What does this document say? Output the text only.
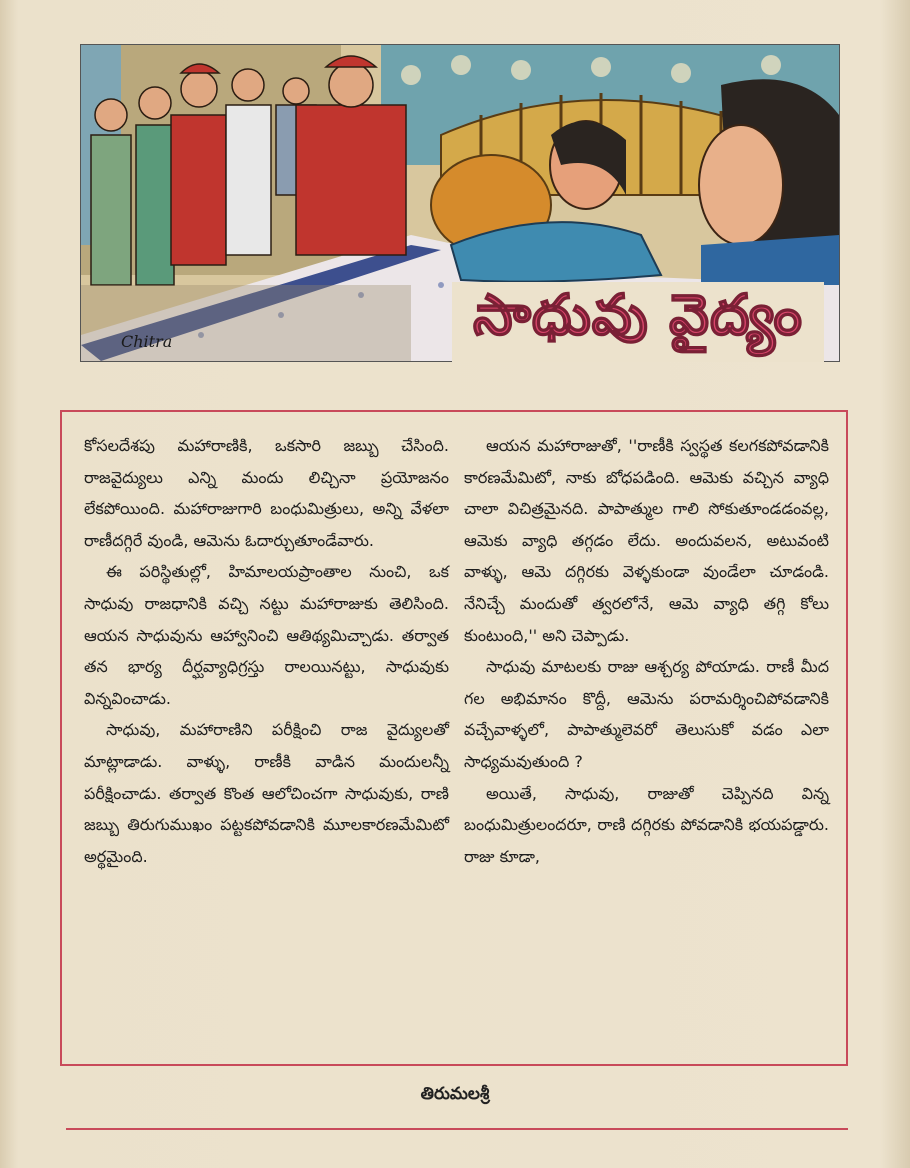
Chitra	సాధువు వైద్యం

కోసలదేశపు మహారాణికి, ఒకసారి జబ్బు చేసింది. రాజవైద్యులు ఎన్ని మందు లిచ్చినా ప్రయోజనం లేకపోయింది. మహారాజుగారి బంధుమిత్రులు, అన్ని వేళలా రాణీదగ్గిరే వుండి, ఆమెను ఓదార్చుతూండేవారు.

ఈ పరిస్థితుల్లో, హిమాలయప్రాంతాల నుంచి, ఒక సాధువు రాజధానికి వచ్చి నట్టు మహారాజుకు తెలిసింది. ఆయన సాధువును ఆహ్వానించి ఆతిథ్యమిచ్చాడు. తర్వాత తన భార్య దీర్ఘవ్యాధిగ్రస్తు రాలయినట్టు, సాధువుకు విన్నవించాడు.

సాధువు, మహారాణిని పరీక్షించి రాజ వైద్యులతో మాట్లాడాడు. వాళ్ళు, రాణీకి వాడిన మందులన్నీ పరీక్షించాడు. తర్వాత కొంత ఆలోచించగా సాధువుకు, రాణి జబ్బు తిరుగుముఖం పట్టకపోవడానికి మూలకారణమేమిటో అర్థమైంది.

ఆయన మహారాజుతో, ''రాణీకి స్వస్థత కలగకపోవడానికి కారణమేమిటో, నాకు బోధపడింది. ఆమెకు వచ్చిన వ్యాధి చాలా విచిత్రమైనది. పాపాత్ముల గాలి సోకుతూండడంవల్ల, ఆమెకు వ్యాధి తగ్గడం లేదు. అందువలన, అటువంటి వాళ్ళు, ఆమె దగ్గిరకు వెళ్ళకుండా వుండేలా చూడండి. నేనిచ్చే మందుతో త్వరలోనే, ఆమె వ్యాధి తగ్గి కోలు కుంటుంది,'' అని చెప్పాడు.

సాధువు మాటలకు రాజు ఆశ్చర్య పోయాడు. రాణీ మీద గల అభిమానం కొద్దీ, ఆమెను పరామర్శించిపోవడానికి వచ్చేవాళ్ళలో, పాపాత్ములెవరో తెలుసుకో వడం ఎలా సాధ్యమవుతుంది ?

అయితే, సాధువు, రాజుతో చెప్పినది విన్న బంధుమిత్రులందరూ, రాణి దగ్గిరకు పోవడానికి భయపడ్డారు. రాజు కూడా,

తిరుమలశ్రీ
